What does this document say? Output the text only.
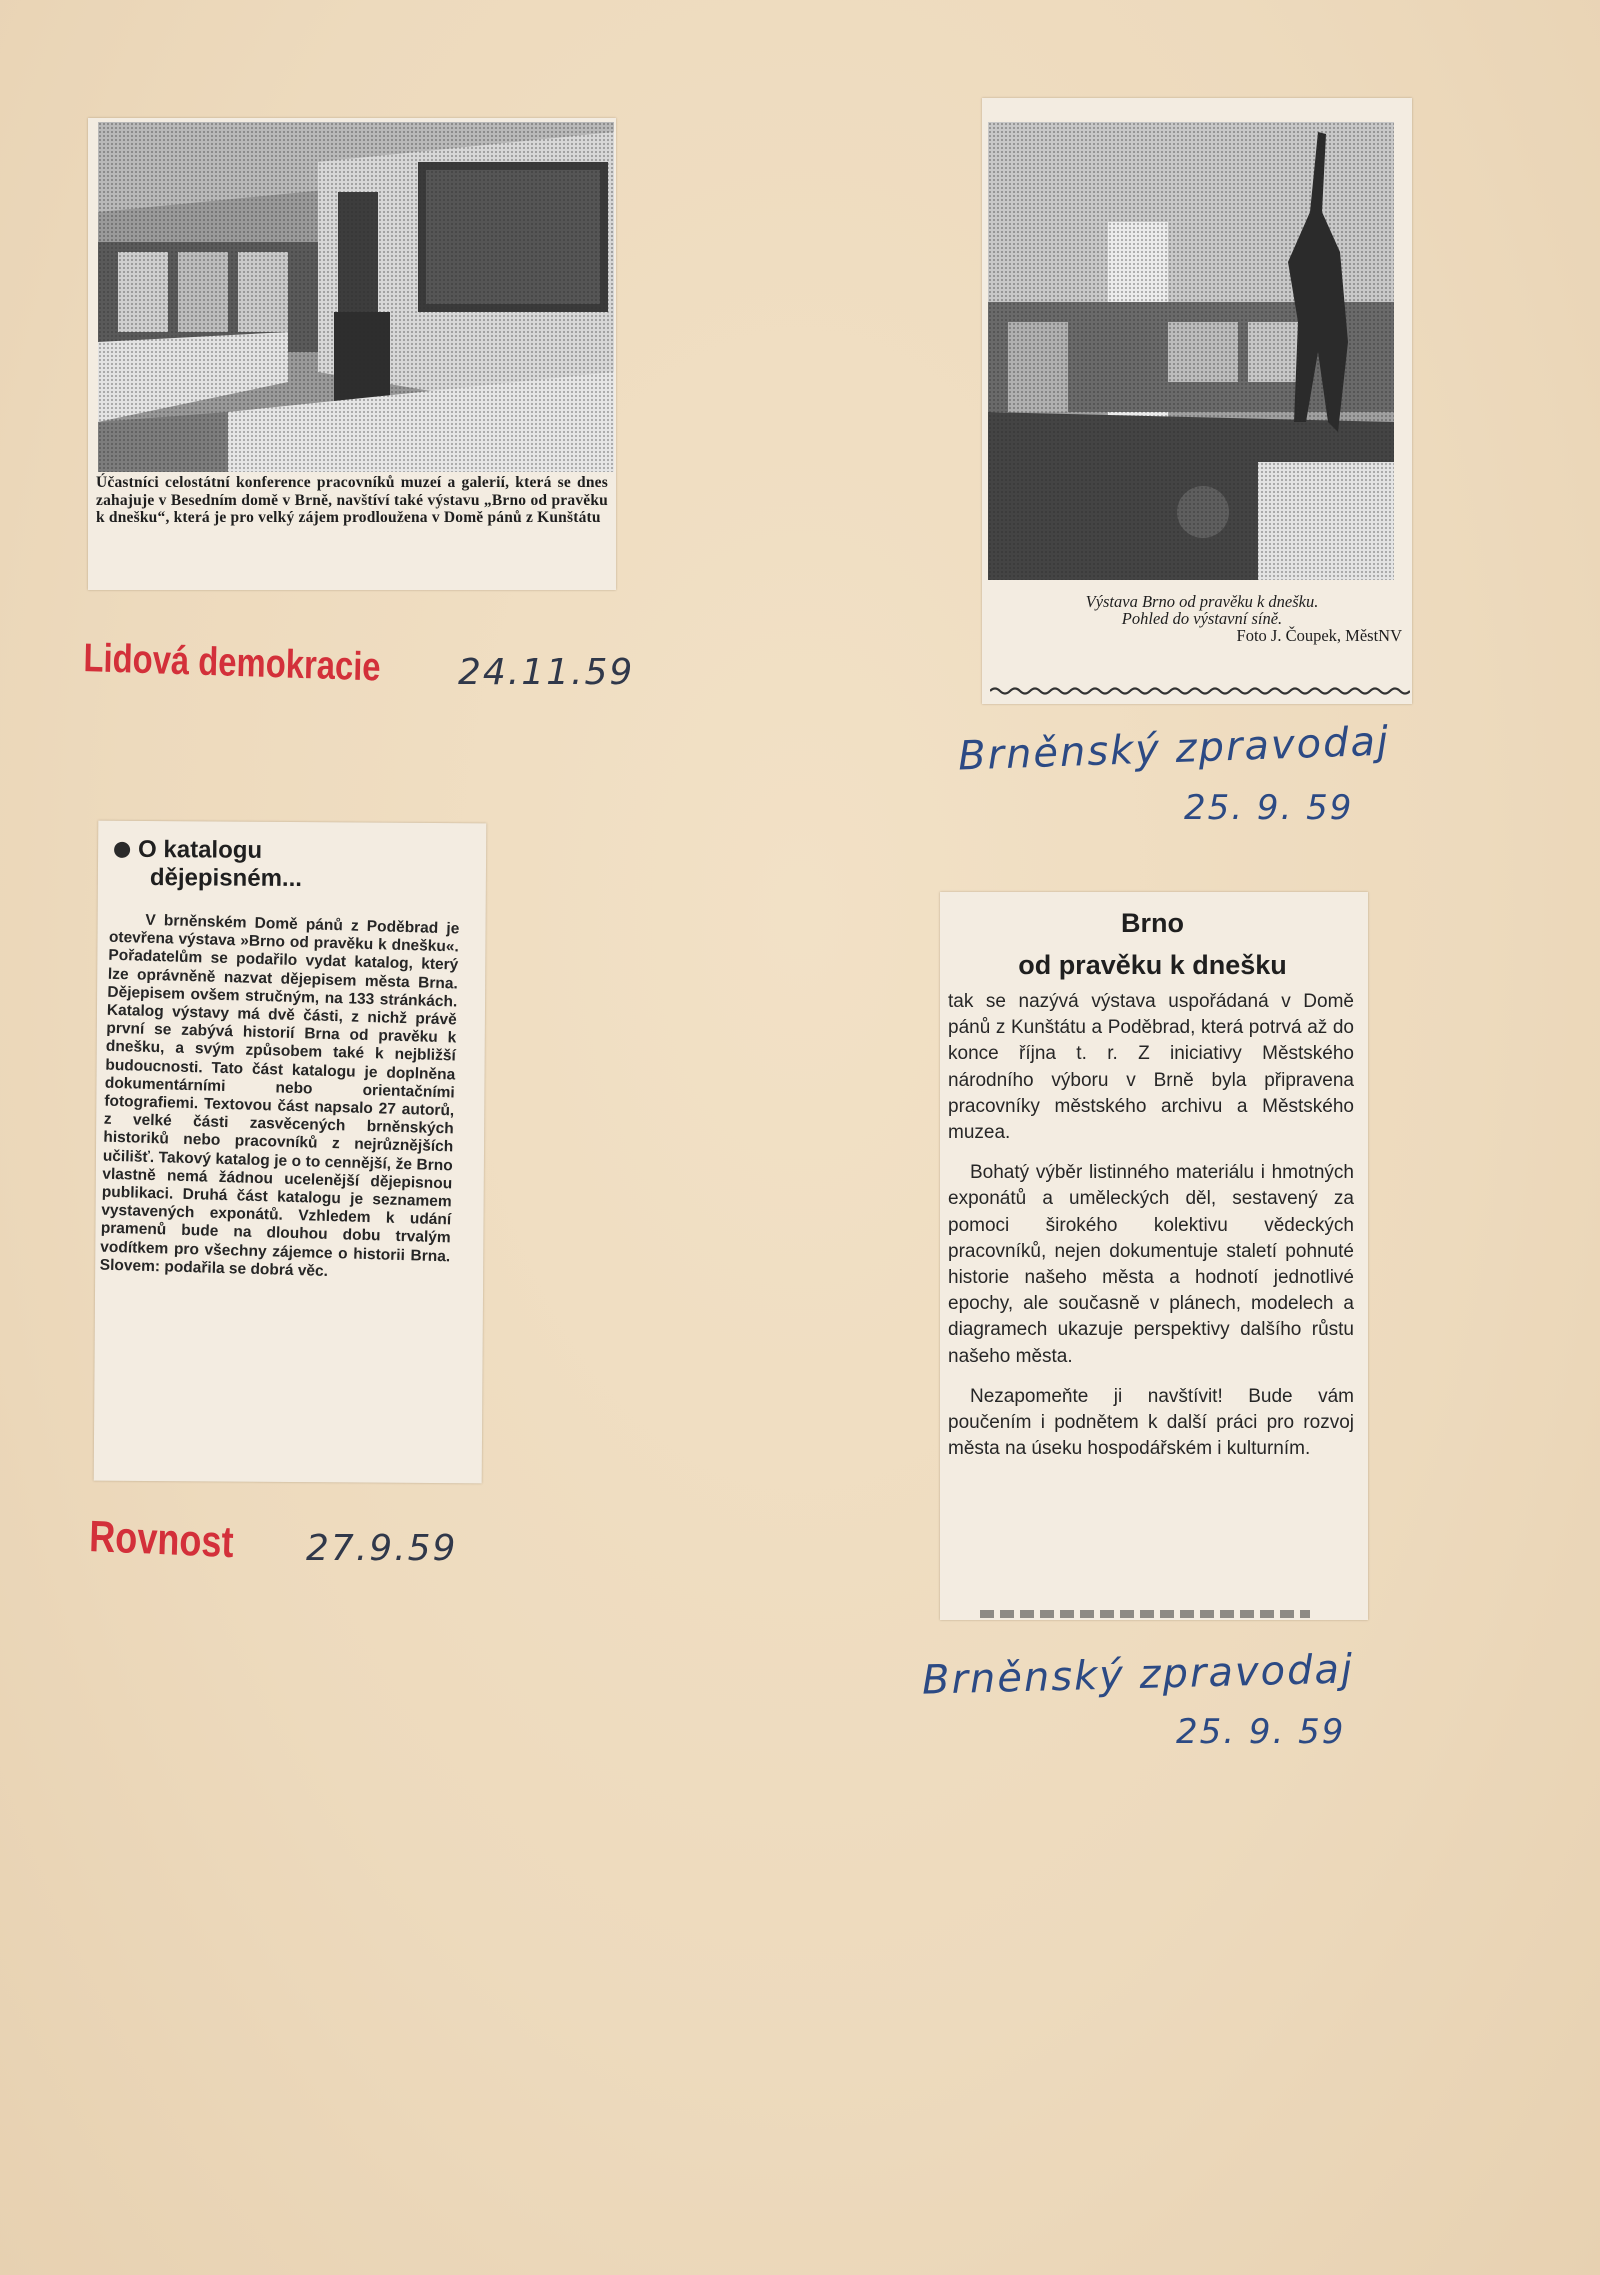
Účastníci celostátní konference pracovníků muzeí a galerií, která se dnes zahajuje v Besedním domě v Brně, navštíví také výstavu „Brno od pravěku k dnešku“, která je pro velký zájem prodloužena v Domě pánů z Kunštátu
Lidová demokracie 24.11.59
Výstava Brno od pravěku k dnešku.
Pohled do výstavní síně.
Foto J. Čoupek, MěstNV
Brněnský zpravodaj
25. 9. 59
O katalogu
dějepisném...
V brněnském Domě pánů z Poděbrad je otevřena výstava »Brno od pravěku k dnešku«. Pořadatelům se podařilo vydat katalog, který lze oprávněně nazvat dějepisem města Brna. Dějepisem ovšem stručným, na 133 stránkách. Katalog výstavy má dvě části, z nichž právě první se zabývá historií Brna od pravěku k dnešku, a svým způsobem také k nejbližší budoucnosti. Tato část katalogu je doplněna dokumentárními nebo orientačními fotografiemi. Textovou část napsalo 27 autorů, z velké části zasvěcených brněnských historiků nebo pracovníků z nejrůznějších učilišť. Takový katalog je o to cennější, že Brno vlastně nemá žádnou ucelenější dějepisnou publikaci. Druhá část katalogu je seznamem vystavených exponátů. Vzhledem k udání pramenů bude na dlouhou dobu trvalým vodítkem pro všechny zájemce o historii Brna. Slovem: podařila se dobrá věc.
Rovnost 27.9.59
Brno
od pravěku k dnešku

tak se nazývá výstava uspořádaná v Domě pánů z Kunštátu a Poděbrad, která potrvá až do konce října t. r. Z iniciativy Městského národního výboru v Brně byla připravena pracovníky městského archivu a Městského muzea.

Bohatý výběr listinného materiálu i hmotných exponátů a uměleckých děl, sestavený za pomoci širokého kolektivu vědeckých pracovníků, nejen dokumentuje staletí pohnuté historie našeho města a hodnotí jednotlivé epochy, ale současně v plánech, modelech a diagramech ukazuje perspektivy dalšího růstu našeho města.

Nezapomeňte ji navštívit! Bude vám poučením i podnětem k další práci pro rozvoj města na úseku hospodářském i kulturním.

Brněnský zpravodaj
25. 9. 59
